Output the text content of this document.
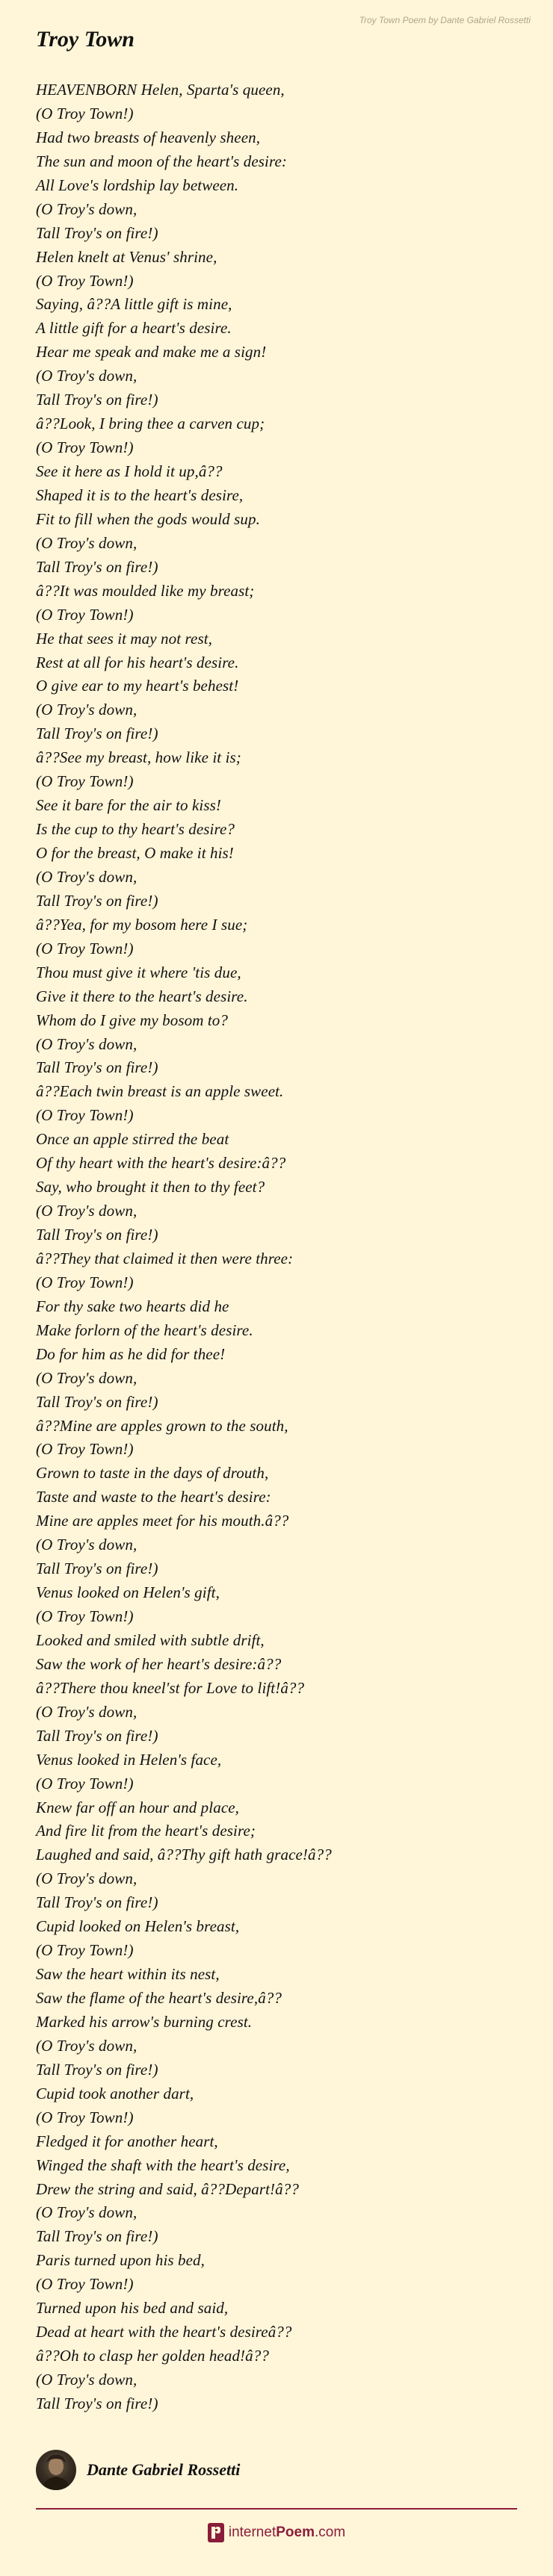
Troy Town Poem by Dante Gabriel Rossetti
Troy Town
HEAVENBORN Helen, Sparta's queen,
(O Troy Town!)
Had two breasts of heavenly sheen,
The sun and moon of the heart's desire:
All Love's lordship lay between.
(O Troy's down,
Tall Troy's on fire!)
Helen knelt at Venus' shrine,
(O Troy Town!)
Saying, â??A little gift is mine,
A little gift for a heart's desire.
Hear me speak and make me a sign!
(O Troy's down,
Tall Troy's on fire!)
â??Look, I bring thee a carven cup;
(O Troy Town!)
See it here as I hold it up,â??
Shaped it is to the heart's desire,
Fit to fill when the gods would sup.
(O Troy's down,
Tall Troy's on fire!)
â??It was moulded like my breast;
(O Troy Town!)
He that sees it may not rest,
Rest at all for his heart's desire.
O give ear to my heart's behest!
(O Troy's down,
Tall Troy's on fire!)
â??See my breast, how like it is;
(O Troy Town!)
See it bare for the air to kiss!
Is the cup to thy heart's desire?
O for the breast, O make it his!
(O Troy's down,
Tall Troy's on fire!)
â??Yea, for my bosom here I sue;
(O Troy Town!)
Thou must give it where 'tis due,
Give it there to the heart's desire.
Whom do I give my bosom to?
(O Troy's down,
Tall Troy's on fire!)
â??Each twin breast is an apple sweet.
(O Troy Town!)
Once an apple stirred the beat
Of thy heart with the heart's desire:â??
Say, who brought it then to thy feet?
(O Troy's down,
Tall Troy's on fire!)
â??They that claimed it then were three:
(O Troy Town!)
For thy sake two hearts did he
Make forlorn of the heart's desire.
Do for him as he did for thee!
(O Troy's down,
Tall Troy's on fire!)
â??Mine are apples grown to the south,
(O Troy Town!)
Grown to taste in the days of drouth,
Taste and waste to the heart's desire:
Mine are apples meet for his mouth.â??
(O Troy's down,
Tall Troy's on fire!)
Venus looked on Helen's gift,
(O Troy Town!)
Looked and smiled with subtle drift,
Saw the work of her heart's desire:â??
â??There thou kneel'st for Love to lift!â??
(O Troy's down,
Tall Troy's on fire!)
Venus looked in Helen's face,
(O Troy Town!)
Knew far off an hour and place,
And fire lit from the heart's desire;
Laughed and said, â??Thy gift hath grace!â??
(O Troy's down,
Tall Troy's on fire!)
Cupid looked on Helen's breast,
(O Troy Town!)
Saw the heart within its nest,
Saw the flame of the heart's desire,â??
Marked his arrow's burning crest.
(O Troy's down,
Tall Troy's on fire!)
Cupid took another dart,
(O Troy Town!)
Fledged it for another heart,
Winged the shaft with the heart's desire,
Drew the string and said, â??Depart!â??
(O Troy's down,
Tall Troy's on fire!)
Paris turned upon his bed,
(O Troy Town!)
Turned upon his bed and said,
Dead at heart with the heart's desireâ??
â??Oh to clasp her golden head!â??
(O Troy's down,
Tall Troy's on fire!)
Dante Gabriel Rossetti
internetPoem.com
